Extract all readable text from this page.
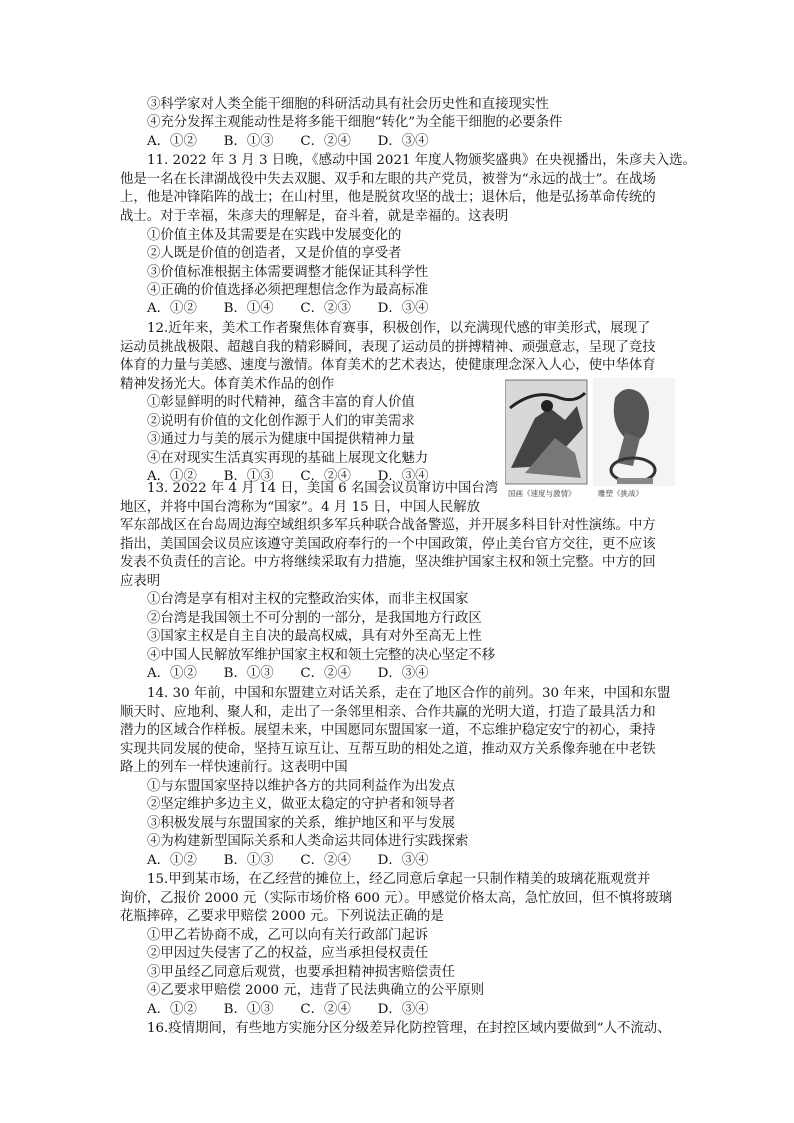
③科学家对人类全能干细胞的科研活动具有社会历史性和直接现实性
④充分发挥主观能动性是将多能干细胞“转化”为全能干细胞的必要条件
A．①②　　B．①③　　C．②④　　D．③④
11. 2022 年 3 月 3 日晚，《感动中国 2021 年度人物颁奖盛典》在央视播出，朱彦夫入选。
他是一名在长津湖战役中失去双腿、双手和左眼的共产党员，被誉为“永远的战士”。在战场
上，他是冲锋陷阵的战士；在山村里，他是脱贫攻坚的战士；退休后，他是弘扬革命传统的
战士。对于幸福，朱彦夫的理解是，奋斗着，就是幸福的。这表明
①价值主体及其需要是在实践中发展变化的
②人既是价值的创造者，又是价值的享受者
③价值标准根据主体需要调整才能保证其科学性
④正确的价值选择必须把理想信念作为最高标准
A．①②　　B．①④　　C．②③　　D．③④
12.近年来，美术工作者聚焦体育赛事，积极创作，以充满现代感的审美形式，展现了
运动员挑战极限、超越自我的精彩瞬间，表现了运动员的拼搏精神、顽强意志，呈现了竞技
体育的力量与美感、速度与激情。体育美术的艺术表达，使健康理念深入人心，使中华体育
精神发扬光大。体育美术作品的创作
①彰显鲜明的时代精神，蕴含丰富的育人价值
②说明有价值的文化创作源于人们的审美需求
③通过力与美的展示为健康中国提供精神力量
④在对现实生活真实再现的基础上展现文化魅力
A．①②　　B．①③　　C．②④　　D．③④
国画《速度与激情》	雕塑《挑战》
13. 2022 年 4 月 14 日，美国 6 名国会议员窜访中国台湾
地区，并将中国台湾称为“国家”。4 月 15 日，中国人民解放
军东部战区在台岛周边海空域组织多军兵种联合战备警巡，并开展多科目针对性演练。中方
指出，美国国会议员应该遵守美国政府奉行的一个中国政策，停止美台官方交往，更不应该
发表不负责任的言论。中方将继续采取有力措施，坚决维护国家主权和领土完整。中方的回
应表明
①台湾是享有相对主权的完整政治实体，而非主权国家
②台湾是我国领土不可分割的一部分，是我国地方行政区
③国家主权是自主自决的最高权威，具有对外至高无上性
④中国人民解放军维护国家主权和领土完整的决心坚定不移
A．①②　　B．①③　　C．②④　　D．③④
14. 30 年前，中国和东盟建立对话关系，走在了地区合作的前列。30 年来，中国和东盟
顺天时、应地利、聚人和，走出了一条邻里相亲、合作共赢的光明大道，打造了最具活力和
潜力的区域合作样板。展望未来，中国愿同东盟国家一道，不忘维护稳定安宁的初心，秉持
实现共同发展的使命，坚持互谅互让、互帮互助的相处之道，推动双方关系像奔驰在中老铁
路上的列车一样快速前行。这表明中国
①与东盟国家坚持以维护各方的共同利益作为出发点
②坚定维护多边主义，做亚太稳定的守护者和领导者
③积极发展与东盟国家的关系，维护地区和平与发展
④为构建新型国际关系和人类命运共同体进行实践探索
A．①②　　B．①③　　C．②④　　D．③④
15.甲到某市场，在乙经营的摊位上，经乙同意后拿起一只制作精美的玻璃花瓶观赏并
询价，乙报价 2000 元（实际市场价格 600 元）。甲感觉价格太高，急忙放回，但不慎将玻璃
花瓶摔碎，乙要求甲赔偿 2000 元。下列说法正确的是
①甲乙若协商不成，乙可以向有关行政部门起诉
②甲因过失侵害了乙的权益，应当承担侵权责任
③甲虽经乙同意后观赏，也要承担精神损害赔偿责任
④乙要求甲赔偿 2000 元，违背了民法典确立的公平原则
A．①②　　B．①③　　C．②④　　D．③④
16.疫情期间，有些地方实施分区分级差异化防控管理，在封控区域内要做到“人不流动、
